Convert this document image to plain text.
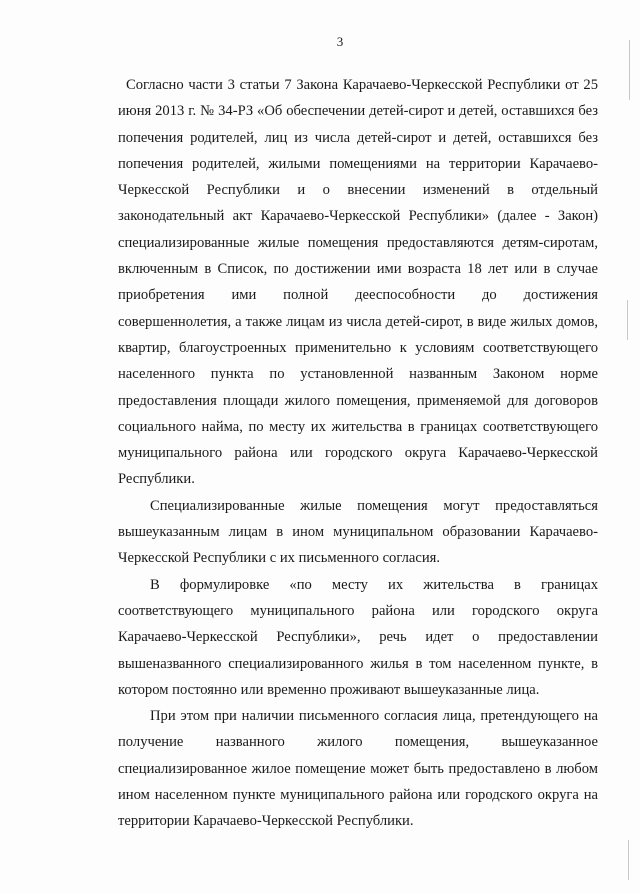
3

Согласно части 3 статьи 7 Закона Карачаево-Черкесской Республики от 25 июня 2013 г. № 34-РЗ «Об обеспечении детей-сирот и детей, оставшихся без попечения родителей, лиц из числа детей-сирот и детей, оставшихся без попечения родителей, жилыми помещениями на территории Карачаево-Черкесской Республики и о внесении изменений в отдельный законодательный акт Карачаево-Черкесской Республики» (далее - Закон) специализированные жилые помещения предоставляются детям-сиротам, включенным в Список, по достижении ими возраста 18 лет или в случае приобретения ими полной дееспособности до достижения совершеннолетия, а также лицам из числа детей-сирот, в виде жилых домов, квартир, благоустроенных применительно к условиям соответствующего населенного пункта по установленной названным Законом норме предоставления площади жилого помещения, применяемой для договоров социального найма, по месту их жительства в границах соответствующего муниципального района или городского округа Карачаево-Черкесской Республики.

Специализированные жилые помещения могут предоставляться вышеуказанным лицам в ином муниципальном образовании Карачаево-Черкесской Республики с их письменного согласия.

В формулировке «по месту их жительства в границах соответствующего муниципального района или городского округа Карачаево-Черкесской Республики», речь идет о предоставлении вышеназванного специализированного жилья в том населенном пункте, в котором постоянно или временно проживают вышеуказанные лица.

При этом при наличии письменного согласия лица, претендующего на получение названного жилого помещения, вышеуказанное специализированное жилое помещение может быть предоставлено в любом ином населенном пункте муниципального района или городского округа на территории Карачаево-Черкесской Республики.
